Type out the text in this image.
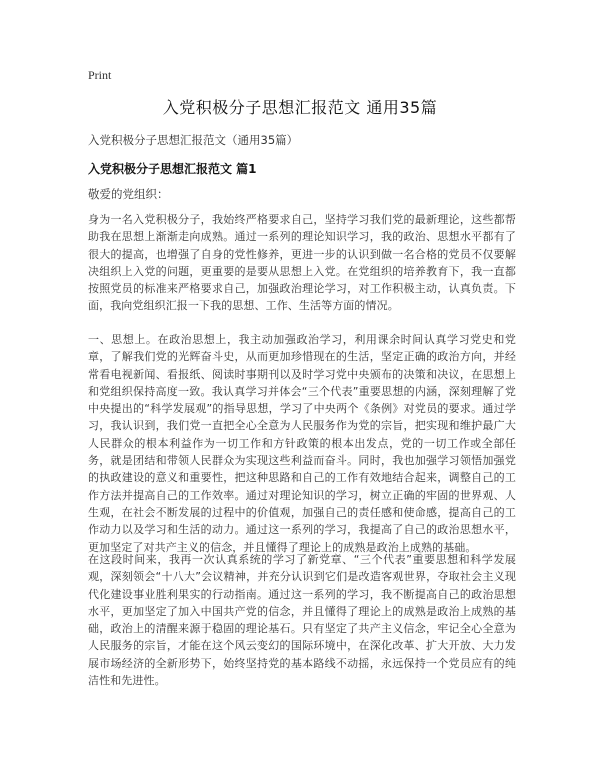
Print
入党积极分子思想汇报范文 通用35篇
入党积极分子思想汇报范文（通用35篇）
入党积极分子思想汇报范文 篇1
敬爱的党组织：

身为一名入党积极分子，我始终严格要求自己，坚持学习我们党的最新理论，这些都帮助我在思想上渐渐走向成熟。通过一系列的理论知识学习，我的政治、思想水平都有了很大的提高，也增强了自身的党性修养，更进一步的认识到做一名合格的党员不仅要解决组织上入党的问题，更重要的是要从思想上入党。在党组织的培养教育下，我一直都按照党员的标准来严格要求自己，加强政治理论学习，对工作积极主动，认真负责。下面，我向党组织汇报一下我的思想、工作、生活等方面的情况。

一、思想上。在政治思想上，我主动加强政治学习，利用课余时间认真学习党史和党章，了解我们党的光辉奋斗史，从而更加珍惜现在的生活，坚定正确的政治方向，并经常看电视新闻、看报纸、阅读时事期刊以及时学习党中央颁布的决策和决议，在思想上和党组织保持高度一致。我认真学习并体会“三个代表”重要思想的内涵，深刻理解了党中央提出的“科学发展观”的指导思想，学习了中央两个《条例》对党员的要求。通过学习，我认识到，我们党一直把全心全意为人民服务作为党的宗旨，把实现和维护最广大人民群众的根本利益作为一切工作和方针政策的根本出发点，党的一切工作或全部任务，就是团结和带领人民群众为实现这些利益而奋斗。同时，我也加强学习领悟加强党的执政建设的意义和重要性，把这种思路和自己的工作有效地结合起来，调整自己的工作方法并提高自己的工作效率。通过对理论知识的学习，树立正确的牢固的世界观、人生观，在社会不断发展的过程中的价值观，加强自己的责任感和使命感，提高自己的工作动力以及学习和生活的动力。通过这一系列的学习，我提高了自己的政治思想水平，更加坚定了对共产主义的信念，并且懂得了理论上的成熟是政治上成熟的基础。

在这段时间来，我再一次认真系统的学习了新党章、“三个代表”重要思想和科学发展观，深刻领会“十八大”会议精神，并充分认识到它们是改造客观世界，夺取社会主义现代化建设事业胜利果实的行动指南。通过这一系列的学习，我不断提高自己的政治思想水平，更加坚定了加入中国共产党的信念，并且懂得了理论上的成熟是政治上成熟的基础，政治上的清醒来源于稳固的理论基石。只有坚定了共产主义信念，牢记全心全意为人民服务的宗旨，才能在这个风云变幻的国际环境中，在深化改革、扩大开放、大力发展市场经济的全新形势下，始终坚持党的基本路线不动摇，永远保持一个党员应有的纯洁性和先进性。
